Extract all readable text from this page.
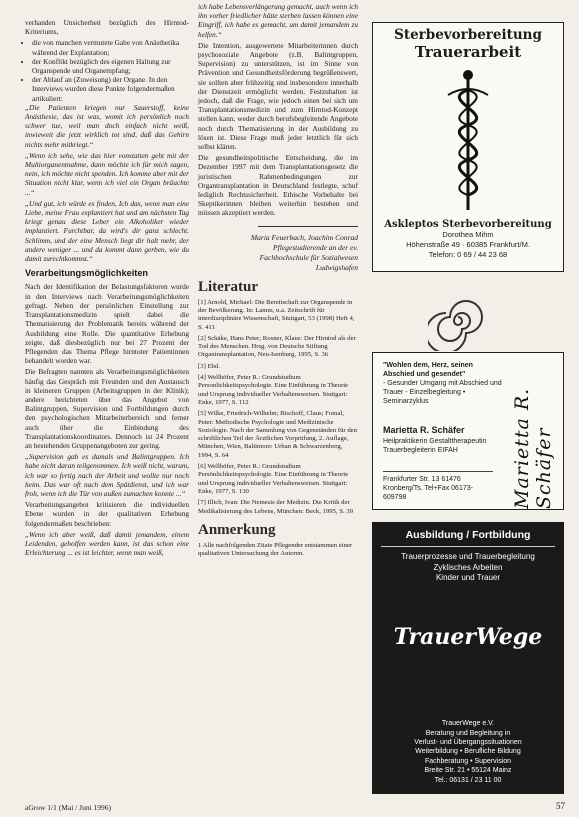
verhanden Unsicherheit bezüglich des Hirntod-Kriteriums,

• die von manchen vermutete Gabe von Anästhetika während der Explantation;
• der Konflikt bezüglich des eigenen Haltung zur Organspende und Organempfang;
• der Ablauf an (Zuweisung) der Organe. In den Interviews wurden diese Punkte folgendermaßen artikuliert:

„Die Patienten kriegen nur Sauerstoff, keine Anästhesie, das ist was, womit ich persönlich noch schwer tue, weil man doch einfach nicht weiß, inwieweit die jetzt wirklich tot sind, daß das Gehirn nichts mehr mitkriegt.“

„Wenn ich sehe, wie das hier vonstatten geht mit der Multiorganentnahme, dann möchte ich für mich sagen, nein, ich möchte nicht spenden. Ich komme aber mit der Situation nicht klar, wenn ich viel ein Organ bräuchte ...“

„Und gut, ich würde es finden, Ich das, wenn man eine Liebe, meine Frau explantiert hat und am nächsten Tag kriegt genau diese Leber ein Alkoholiker wieder implantiert. Furchtbar, da wird's dir ganz schlecht. Schlimm, und der eine Mensch liegt dir halt mehr, der andere weniger ... und da kommt dann gerben, wie du damit zurechtkommst.“

Verarbeitungsmöglichkeiten

Nach der Identifikation der Belastungsfaktoren wurde in den Interviews nach Verarbeitungsmöglichkeiten gefragt. Neben der persönlichen Einstellung zur Transplantationsmedizin spielt dabei die Thematisierung der Problematik bereits während der Ausbildung eine Rolle. Die quantitative Erhebung zeigte, daß diesbezüglich nur bei 27 Prozent der Pflegenden das Thema Pflege hirntoter Patientinnen behandelt worden war.

Die Befragten nannten als Verarbeitungsmöglichkeiten häufig das Gespräch mit Freunden und den Austausch in kleineren Gruppen (Arbeitsgruppen in der Klinik); andere berichteten über das Angebot von Balintgruppen, Supervision und Fortbildungen durch den psychologischen Mitarbeiterbereich und ferner auch über die Einbindung des Transplantationskoordinators. Dennoch ist 24 Prozent an bestehenden Gruppenangeboten zur gering.

„Supervision gab es damals und Balintgruppen. Ich habe nicht daran teilgenommen. Ich weiß nicht, warum, ich war so fertig nach der Arbeit und wollte nur noch heim. Das war oft nach dem Spätdienst, und ich war froh, wenn ich die Tür von außen zumachen konnte ...“

Verarbeitungsangebot kritisieren die individuellen Ebene wurden in der qualitativen Erhebung folgendermaßen beschrieben:

„Wenn ich aber weiß, daß damit jemandem, einem Leidenden, geholfen werden kann, ist das schon eine Erleichterung ... es ist leichter, wenn man weiß,

aGrow 1/1 (Mai / Juni 1996)

ich habe Lebensverlängerung gemacht, auch wenn ich ihn vorher friedlicher hätte sterben lassen können eine Eingriff, ich habe es gemacht, um damit jemandem zu helfen.“

Die Intention, ausgewertete Mitarbeiterinnen durch psychosoziale Angebote (z.B. Balintgruppen, Supervision) zu unterstützen, ist im Sinne von Prävention und Gesundheitsförderung begrüßenswert, sie sollten aber frühzeitig und insbesondere innerhalb der Dienstzeit ermöglicht werden. Festzuhalten ist jedoch, daß die Frage, wie jedoch einen bei sich um Transplantationsmedizin und zum Hirntod-Konzept stellen kann, weder durch berufsbegleitende Angebote noch durch Thematisierung in der Ausbildung zu lösen ist. Diese Frage muß jeder letztlich für sich selbst klären.

Die gesundheitspolitische Entscheidung, die im Dezember 1997 mit dem Transplantationsgesetz die juristischen Rahmenbedingungen zur Organtransplantation in Deutschland festlegte, schuf lediglich Rechtssicherheit. Ethische Vorbehalte bei Skeptikerinnen bleiben weiterhin bestehen und müssen akzeptiert werden.

Maria Feuerbach, Joachim Conrad
Pflegestudierende an der ev.
Fachhochschule für Sozialwesen
Ludwigshafen
Literatur
[1] Arnold, Michael: Die Bereitschaft zur Organspende in der Bevölkerung. In: Lamm, u.a. Zeitschrift für interdisziplinäre Wissenschaft, Stuttgart, 53 (1998) Heft 4, S. 411
[2] Schäke, Hans Peter; Rosner, Klaus: Der Hirntod als der Tod des Menschen. Hrsg. von Deutsche Stiftung Organtransplantation, Neu-Isenburg, 1995, S. 36
[3] Ebd.
[4] Wellhöfer, Peter R.: Grundstudium Personlichkeitspsychologie. Eine Einführung in Theorie und Ursprung individueller Verhaltensweisen. Stuttgart: Enke, 1977, S. 112
[5] Wilke, Friedrich-Wilhelm; Bischoff, Claus; Fomal, Peter: Methodische Psychologie und Medizinische Soziologie. Nach der Sammlung von Gegenständen für den schriftlichen Teil der Ärztlichen Vorprüfung, 2. Auflage, München, Wien, Baltimore: Urban & Schwarzenberg, 1994, S. 64
[6] Wellhöfer, Peter R.: Grundstudium Persönlichkeitspsychologie. Eine Einführung in Theorie und Ursprung individueller Verhaltensweisen. Stuttgart: Enke, 1977, S. 130
[7] Illich, Ivan: Die Nemesis der Medizin. Die Kritik der Medikalisierung des Lebens, München: Beck, 1995, S. 39
Anmerkung
1 Alle nachfolgenden Zitate Pflegender entstammen einer qualitativen Untersuchung der Autoren.
Sterbevorbereitung
Trauerarbeit
Askleptos Sterbevorbereitung
Dorothea Mihm
Höhenstraße 49 · 60385 Frankfurt/M.
Telefon: 0 69 / 44 23 68
"Wohlen dem, Herz, seinen Abschied und gesendet"
- Gesunder Umgang mit Abschied und Trauer - Einzelbegleitung • Seminarzyklus
Marietta R. Schäfer
Heilpraktikerin Gestalttherapeutin Trauerbegleiterin EIFAH
Frankfurter Str. 13 61476 Kronberg/Ts. Tel+Fax 06173-609798	Marietta R. Schäfer
Ausbildung / Fortbildung
Trauerprozesse und Trauerbegleitung
Zyklisches Arbeiten
Kinder und Trauer
TrauerWege
TrauerWege e.V.
Beratung und Begleitung in
Verlust- und Übergangssituationen
Weiterbildung • Berufliche Bildung
Fachberatung • Supervision
Breite Str. 21 • 55124 Mainz
Tel.: 06131 / 23 11 00
57
